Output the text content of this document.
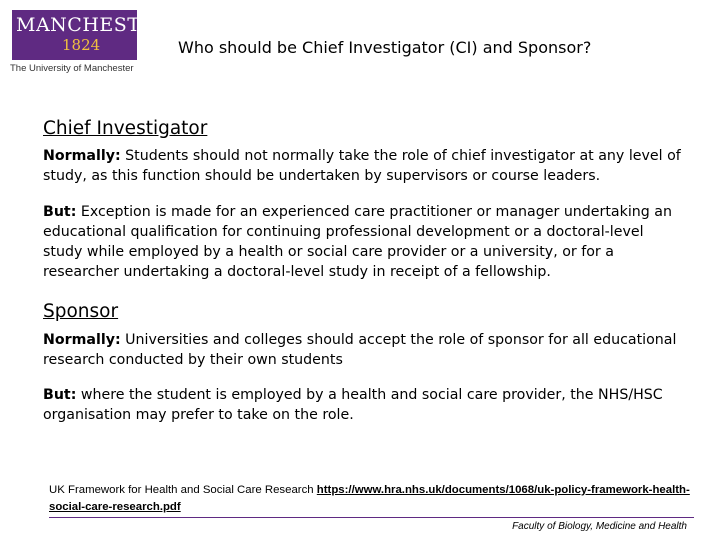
MANCHESTER
1824
The University of Manchester
Who should be Chief Investigator (CI) and Sponsor?
Chief Investigator

Normally: Students should not normally take the role of chief investigator at any level of study, as this function should be undertaken by supervisors or course leaders.

But: Exception is made for an experienced care practitioner or manager undertaking an educational qualification for continuing professional development or a doctoral-level study while employed by a health or social care provider or a university, or for a researcher undertaking a doctoral-level study in receipt of a fellowship.

Sponsor

Normally: Universities and colleges should accept the role of sponsor for all educational research conducted by their own students

But: where the student is employed by a health and social care provider, the NHS/HSC organisation may prefer to take on the role.

UK Framework for Health and Social Care Research https://www.hra.nhs.uk/documents/1068/uk-policy-framework-health-social-care-research.pdf
Faculty of Biology, Medicine and Health
